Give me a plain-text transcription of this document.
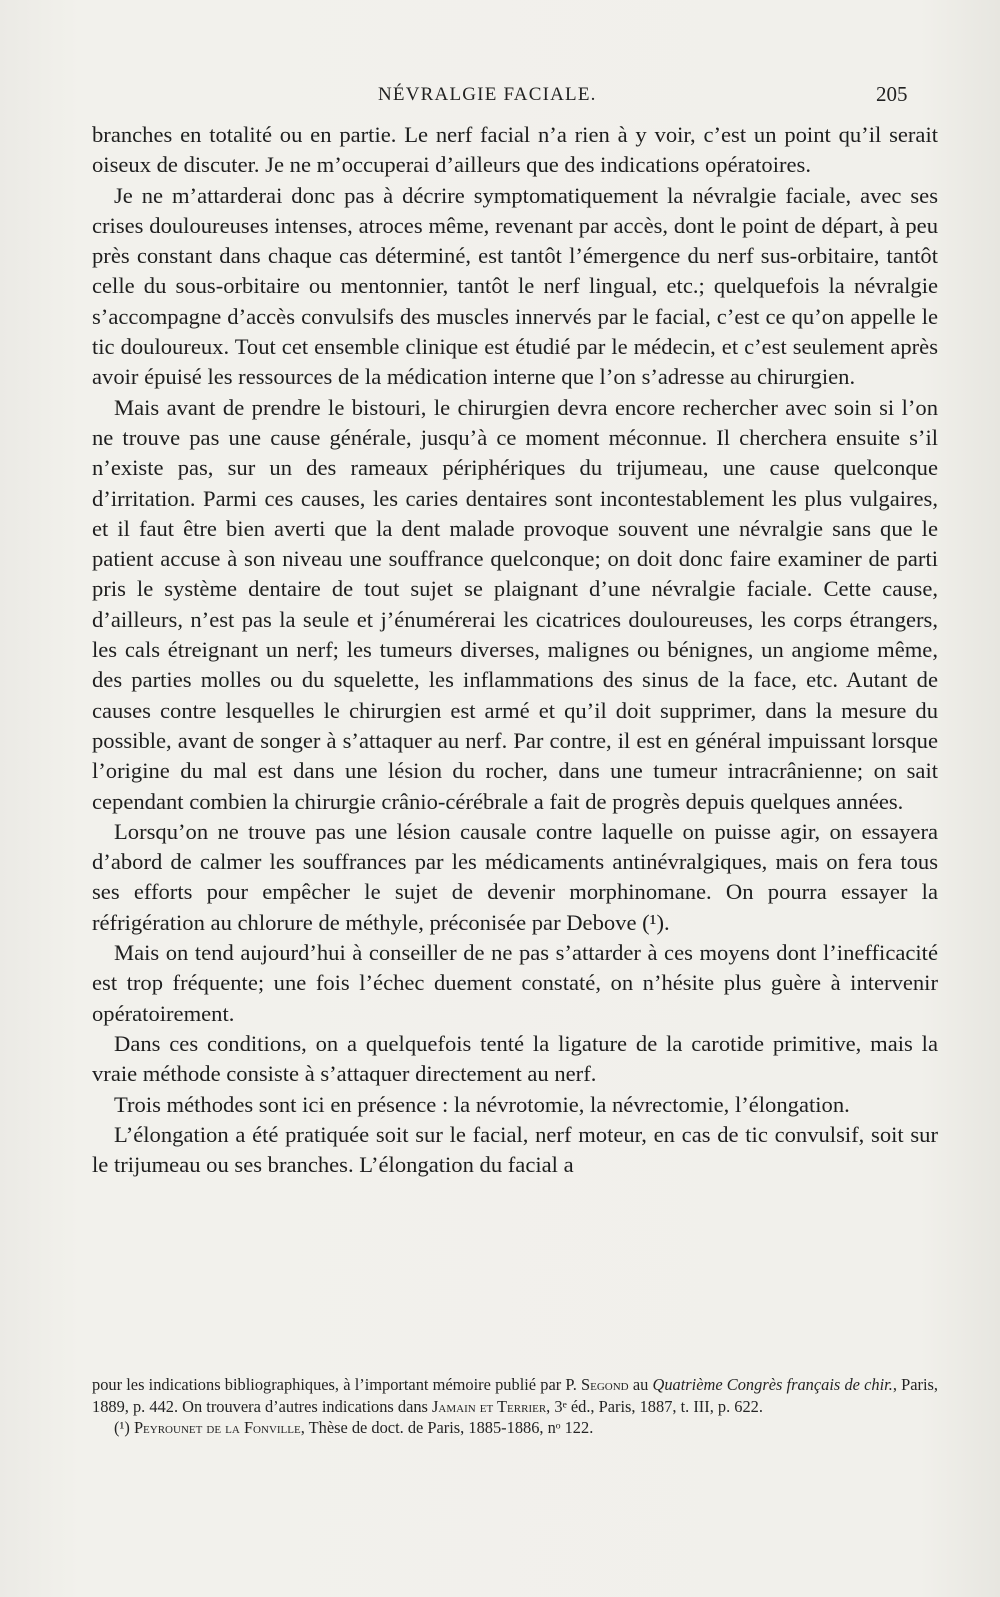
NÉVRALGIE FACIALE.	205

branches en totalité ou en partie. Le nerf facial n’a rien à y voir, c’est un point qu’il serait oiseux de discuter. Je ne m’occuperai d’ailleurs que des indications opératoires.

Je ne m’attarderai donc pas à décrire symptomatiquement la névralgie faciale, avec ses crises douloureuses intenses, atroces même, revenant par accès, dont le point de départ, à peu près constant dans chaque cas déterminé, est tantôt l’émergence du nerf sus-orbitaire, tantôt celle du sous-orbitaire ou mentonnier, tantôt le nerf lingual, etc.; quelquefois la névralgie s’accompagne d’accès convulsifs des muscles innervés par le facial, c’est ce qu’on appelle le tic douloureux. Tout cet ensemble clinique est étudié par le médecin, et c’est seulement après avoir épuisé les ressources de la médication interne que l’on s’adresse au chirurgien.

Mais avant de prendre le bistouri, le chirurgien devra encore rechercher avec soin si l’on ne trouve pas une cause générale, jusqu’à ce moment méconnue. Il cherchera ensuite s’il n’existe pas, sur un des rameaux périphériques du trijumeau, une cause quelconque d’irritation. Parmi ces causes, les caries dentaires sont incontestablement les plus vulgaires, et il faut être bien averti que la dent malade provoque souvent une névralgie sans que le patient accuse à son niveau une souffrance quelconque; on doit donc faire examiner de parti pris le système dentaire de tout sujet se plaignant d’une névralgie faciale. Cette cause, d’ailleurs, n’est pas la seule et j’énumérerai les cicatrices douloureuses, les corps étrangers, les cals étreignant un nerf; les tumeurs diverses, malignes ou bénignes, un angiome même, des parties molles ou du squelette, les inflammations des sinus de la face, etc. Autant de causes contre lesquelles le chirurgien est armé et qu’il doit supprimer, dans la mesure du possible, avant de songer à s’attaquer au nerf. Par contre, il est en général impuissant lorsque l’origine du mal est dans une lésion du rocher, dans une tumeur intracrânienne; on sait cependant combien la chirurgie crânio-cérébrale a fait de progrès depuis quelques années.

Lorsqu’on ne trouve pas une lésion causale contre laquelle on puisse agir, on essayera d’abord de calmer les souffrances par les médicaments antinévralgiques, mais on fera tous ses efforts pour empêcher le sujet de devenir morphinomane. On pourra essayer la réfrigération au chlorure de méthyle, préconisée par Debove (¹).

Mais on tend aujourd’hui à conseiller de ne pas s’attarder à ces moyens dont l’inefficacité est trop fréquente; une fois l’échec duement constaté, on n’hésite plus guère à intervenir opératoirement.

Dans ces conditions, on a quelquefois tenté la ligature de la carotide primitive, mais la vraie méthode consiste à s’attaquer directement au nerf.

Trois méthodes sont ici en présence : la névrotomie, la névrectomie, l’élongation.

L’élongation a été pratiquée soit sur le facial, nerf moteur, en cas de tic convulsif, soit sur le trijumeau ou ses branches. L’élongation du facial a

pour les indications bibliographiques, à l’important mémoire publié par P. Segond au Quatrième Congrès français de chir., Paris, 1889, p. 442. On trouvera d’autres indications dans Jamain et Terrier, 3ᵉ éd., Paris, 1887, t. III, p. 622.

(¹) Peyrounet de la Fonville, Thèse de doct. de Paris, 1885-1886, nᵒ 122.
